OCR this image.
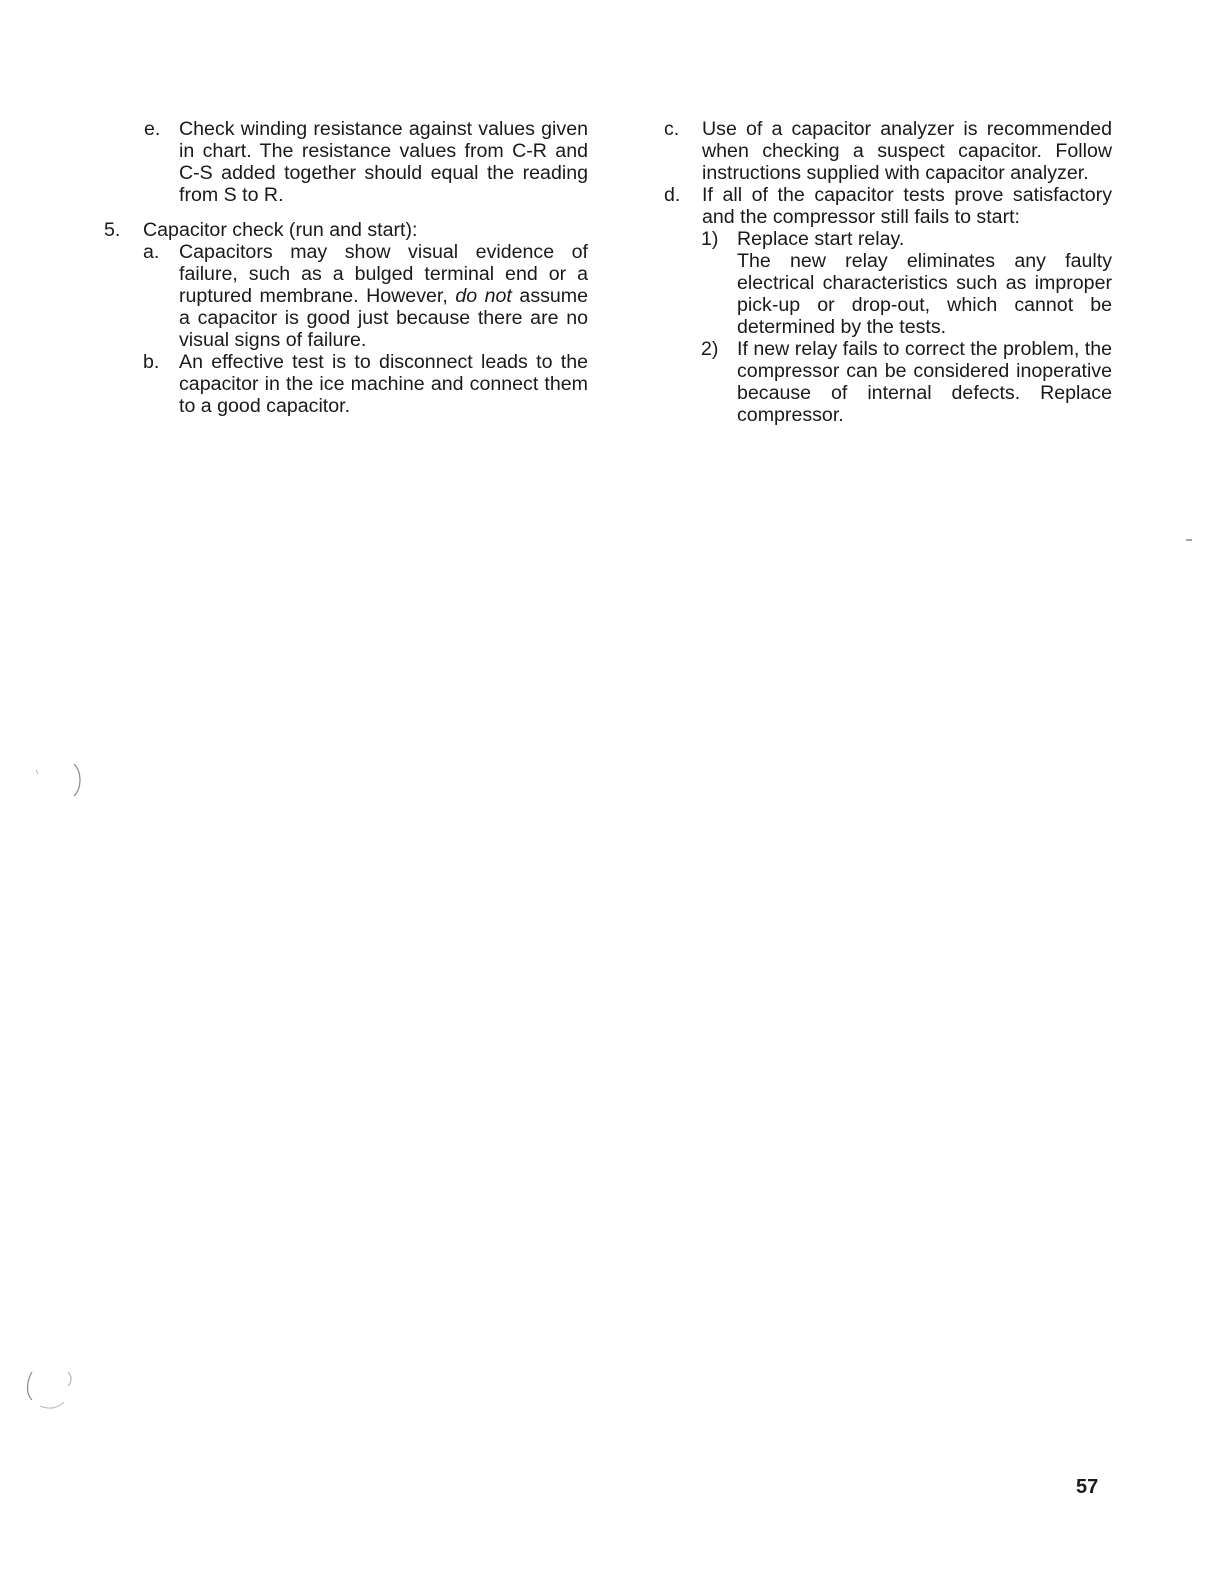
e. Check winding resistance against values given in chart. The resistance values from C-R and C-S added together should equal the reading from S to R.
5. Capacitor check (run and start):
a. Capacitors may show visual evidence of failure, such as a bulged terminal end or a ruptured membrane. However, do not assume a capacitor is good just because there are no visual signs of failure.
b. An effective test is to disconnect leads to the capacitor in the ice machine and connect them to a good capacitor.
c. Use of a capacitor analyzer is recommended when checking a suspect capacitor. Follow instructions supplied with capacitor analyzer.
d. If all of the capacitor tests prove satisfactory and the compressor still fails to start:
1) Replace start relay.
The new relay eliminates any faulty electrical characteristics such as improper pick-up or drop-out, which cannot be determined by the tests.
2) If new relay fails to correct the problem, the compressor can be considered inoperative because of internal defects. Replace compressor.
57
